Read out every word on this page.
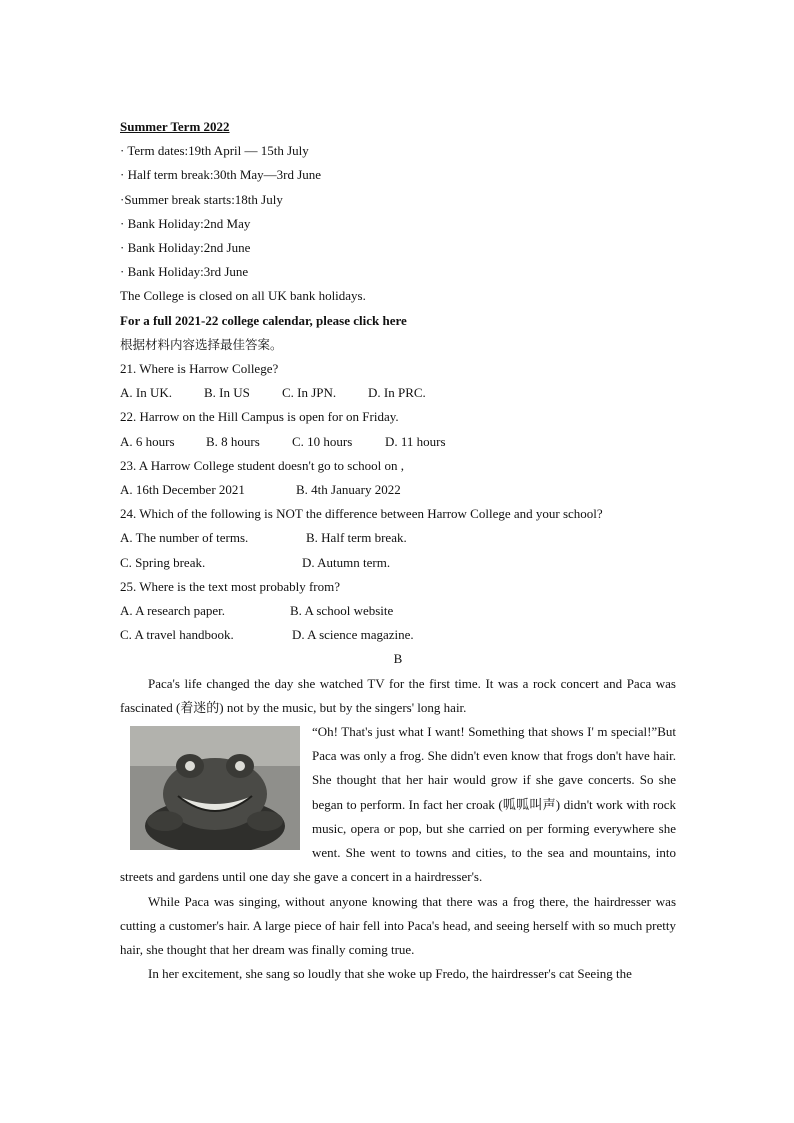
Summer Term 2022
· Term dates:19th April — 15th July
· Half term break:30th May—3rd June
·Summer break starts:18th July
· Bank Holiday:2nd May
· Bank Holiday:2nd June
· Bank Holiday:3rd June
The College is closed on all UK bank holidays.
For a full 2021-22 college calendar, please click here
根据材料内容选择最佳答案。
21. Where is Harrow College?
A. In UK.	B. In US	C. In JPN.	D. In PRC.
22. Harrow on the Hill Campus is open for on Friday.
A. 6 hours	B. 8 hours	C. 10 hours	D. 11 hours
23. A Harrow College student doesn't go to school on ,
A. 16th December 2021	B. 4th January 2022
24. Which of the following is NOT the difference between Harrow College and your school?
A. The number of terms.	B. Half term break.
C. Spring break.	D. Autumn term.
25. Where is the text most probably from?
A. A research paper.	B. A school website
C. A travel handbook.	D. A science magazine.
B

Paca's life changed the day she watched TV for the first time. It was a rock concert and Paca was fascinated (着迷的) not by the music, but by the singers' long hair.

“Oh! That's just what I want! Something that shows I' m special!”But Paca was only a frog. She didn't even know that frogs don't have hair. She thought that her hair would grow if she gave concerts. So she began to perform. In fact her croak (呱呱叫声) didn't work with rock music, opera or pop, but she carried on per forming everywhere she went. She went to towns and cities, to the sea and mountains, into streets and gardens until one day she gave a concert in a hairdresser's.

While Paca was singing, without anyone knowing that there was a frog there, the hairdresser was cutting a customer's hair. A large piece of hair fell into Paca's head, and seeing herself with so much pretty hair, she thought that her dream was finally coming true.

In her excitement, she sang so loudly that she woke up Fredo, the hairdresser's cat Seeing the
